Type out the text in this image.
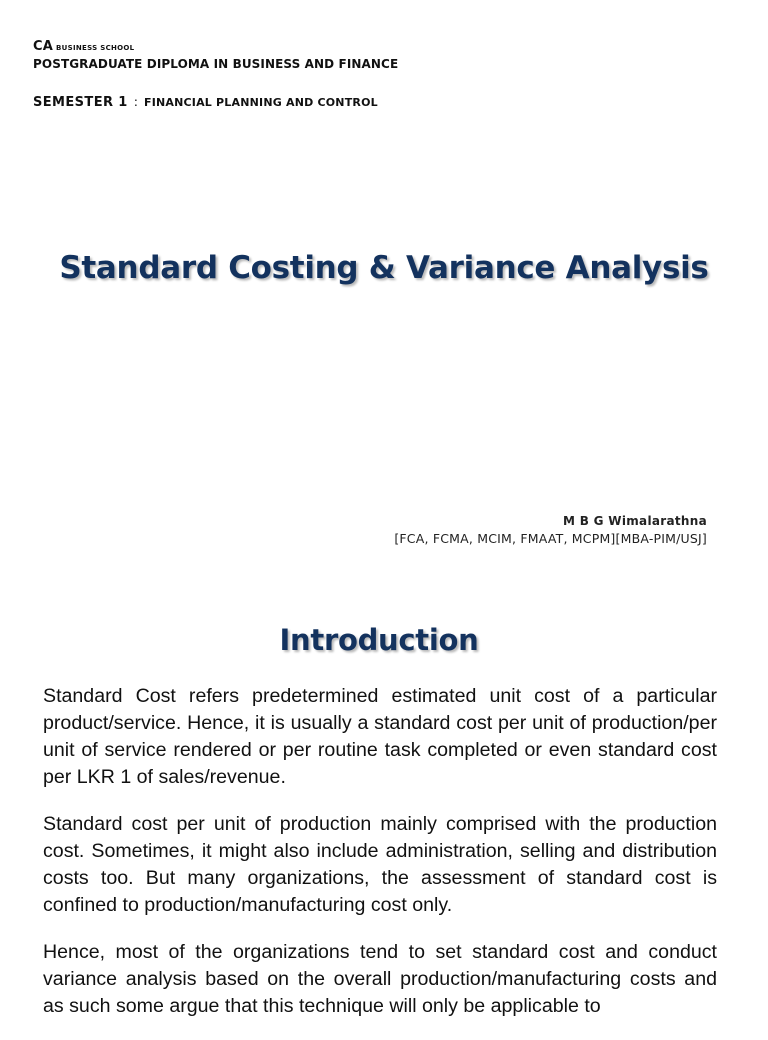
CA BUSINESS SCHOOL
POSTGRADUATE DIPLOMA IN BUSINESS AND FINANCE
SEMESTER 1 : FINANCIAL PLANNING AND CONTROL
Standard Costing & Variance Analysis
M B G Wimalarathna
[FCA, FCMA, MCIM, FMAAT, MCPM][MBA-PIM/USJ]
Introduction

Standard Cost refers predetermined estimated unit cost of a particular product/service. Hence, it is usually a standard cost per unit of production/per unit of service rendered or per routine task completed or even standard cost per LKR 1 of sales/revenue.

Standard cost per unit of production mainly comprised with the production cost. Sometimes, it might also include administration, selling and distribution costs too. But many organizations, the assessment of standard cost is confined to production/manufacturing cost only.

Hence, most of the organizations tend to set standard cost and conduct variance analysis based on the overall production/manufacturing costs and as such some argue that this technique will only be applicable to
